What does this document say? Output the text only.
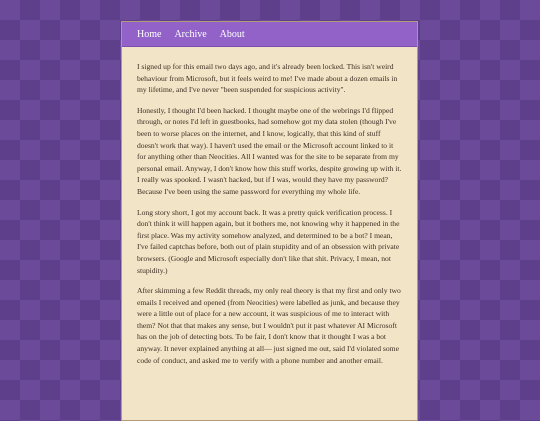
Home Archive About

I signed up for this email two days ago, and it's already been locked. This isn't weird behaviour from Microsoft, but it feels weird to me! I've made about a dozen emails in my lifetime, and I've never "been suspended for suspicious activity".

Honestly, I thought I'd been hacked. I thought maybe one of the webrings I'd flipped through, or notes I'd left in guestbooks, had somehow got my data stolen (though I've been to worse places on the internet, and I know, logically, that this kind of stuff doesn't work that way). I haven't used the email or the Microsoft account linked to it for anything other than Neocities. All I wanted was for the site to be separate from my personal email. Anyway, I don't know how this stuff works, despite growing up with it. I really was spooked. I wasn't hacked, but if I was, would they have my password? Because I've been using the same password for everything my whole life.

Long story short, I got my account back. It was a pretty quick verification process. I don't think it will happen again, but it bothers me, not knowing why it happened in the first place. Was my activity somehow analyzed, and determined to be a bot? I mean, I've failed captchas before, both out of plain stupidity and of an obsession with private browsers. (Google and Microsoft especially don't like that shit. Privacy, I mean, not stupidity.)

After skimming a few Reddit threads, my only real theory is that my first and only two emails I received and opened (from Neocities) were labelled as junk, and because they were a little out of place for a new account, it was suspicious of me to interact with them? Not that that makes any sense, but I wouldn't put it past whatever AI Microsoft has on the job of detecting bots. To be fair, I don't know that it thought I was a bot anyway. It never explained anything at all— just signed me out, said I'd violated some code of conduct, and asked me to verify with a phone number and another email.
